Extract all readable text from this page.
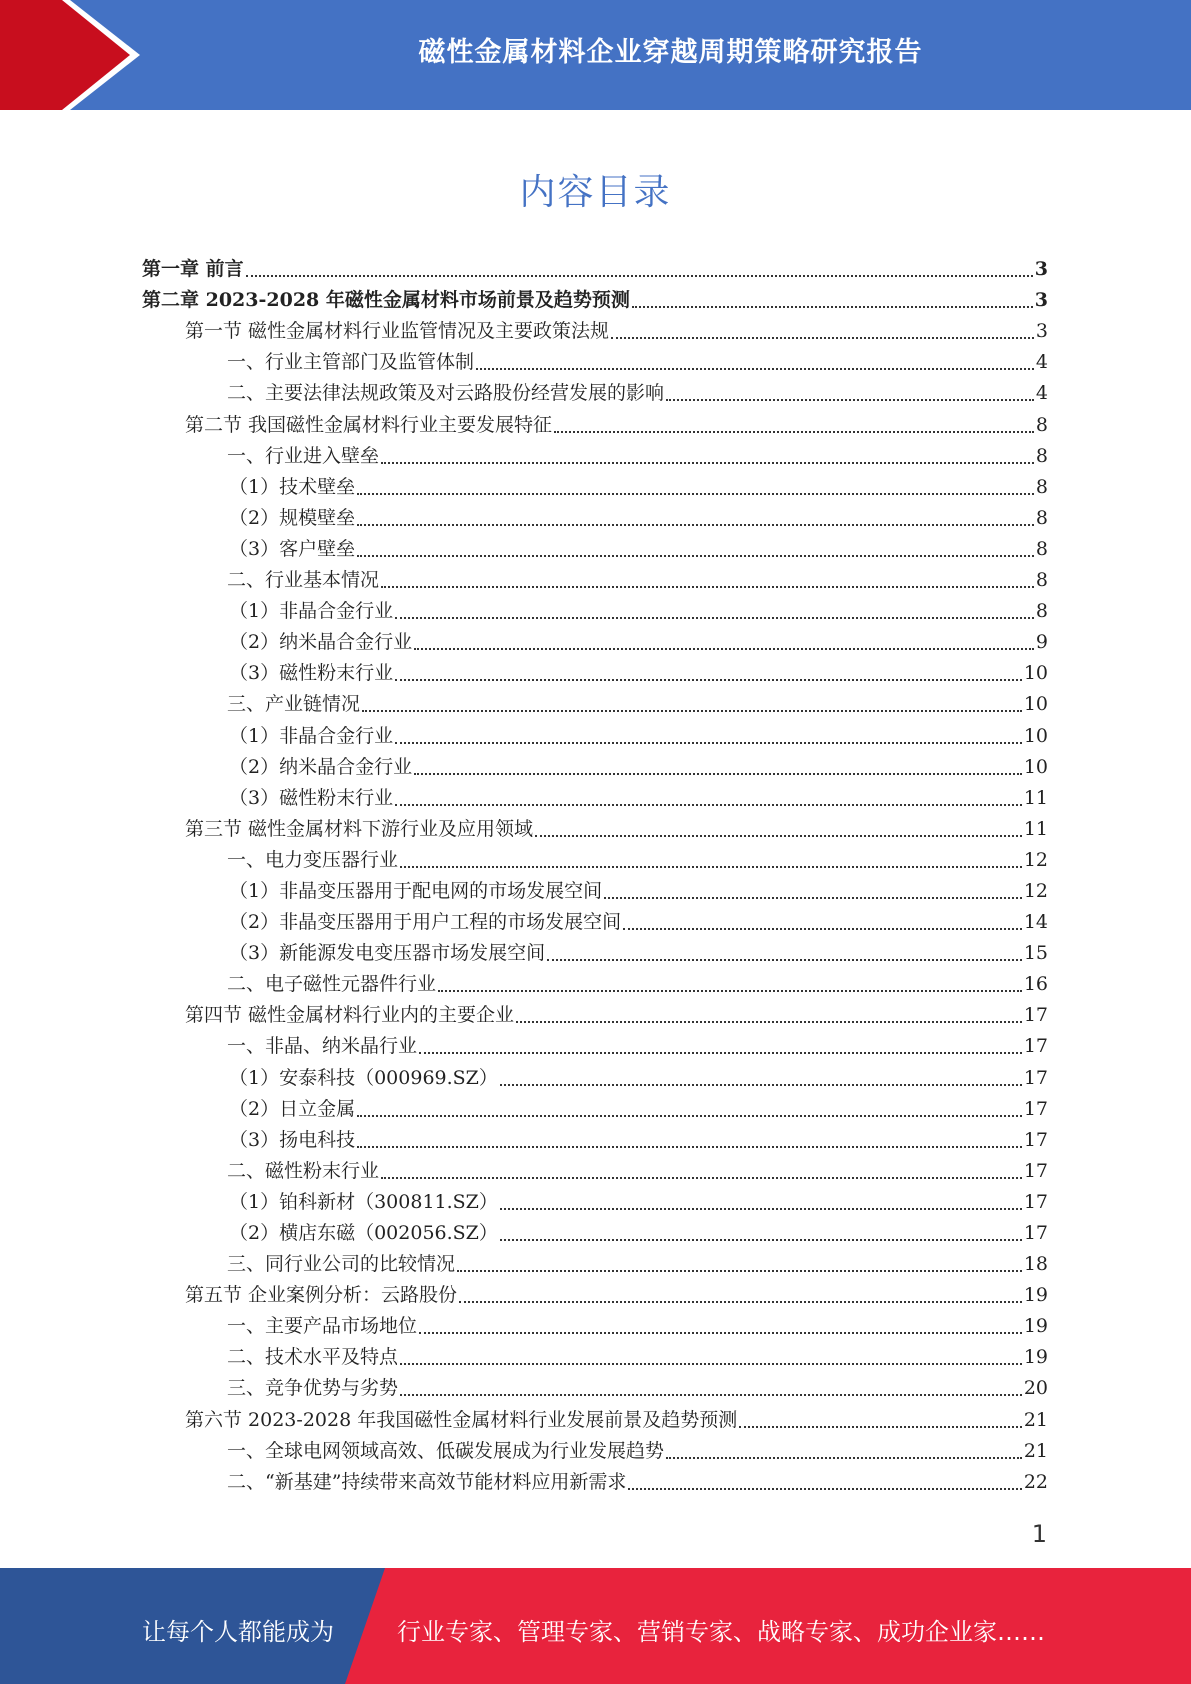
磁性金属材料企业穿越周期策略研究报告
内容目录
第一章 前言	3
第二章 2023-2028 年磁性金属材料市场前景及趋势预测	3
第一节 磁性金属材料行业监管情况及主要政策法规	3
一、行业主管部门及监管体制	4
二、主要法律法规政策及对云路股份经营发展的影响	4
第二节 我国磁性金属材料行业主要发展特征	8
一、行业进入壁垒	8
（1）技术壁垒	8
（2）规模壁垒	8
（3）客户壁垒	8
二、行业基本情况	8
（1）非晶合金行业	8
（2）纳米晶合金行业	9
（3）磁性粉末行业	10
三、产业链情况	10
（1）非晶合金行业	10
（2）纳米晶合金行业	10
（3）磁性粉末行业	11
第三节 磁性金属材料下游行业及应用领域	11
一、电力变压器行业	12
（1）非晶变压器用于配电网的市场发展空间	12
（2）非晶变压器用于用户工程的市场发展空间	14
（3）新能源发电变压器市场发展空间	15
二、电子磁性元器件行业	16
第四节 磁性金属材料行业内的主要企业	17
一、非晶、纳米晶行业	17
（1）安泰科技（000969.SZ）	17
（2）日立金属	17
（3）扬电科技	17
二、磁性粉末行业	17
（1）铂科新材（300811.SZ）	17
（2）横店东磁（002056.SZ）	17
三、同行业公司的比较情况	18
第五节 企业案例分析：云路股份	19
一、主要产品市场地位	19
二、技术水平及特点	19
三、竞争优势与劣势	20
第六节 2023-2028 年我国磁性金属材料行业发展前景及趋势预测	21
一、全球电网领域高效、低碳发展成为行业发展趋势	21
二、“新基建”持续带来高效节能材料应用新需求	22
1
让每个人都能成为	行业专家、管理专家、营销专家、战略专家、成功企业家……
